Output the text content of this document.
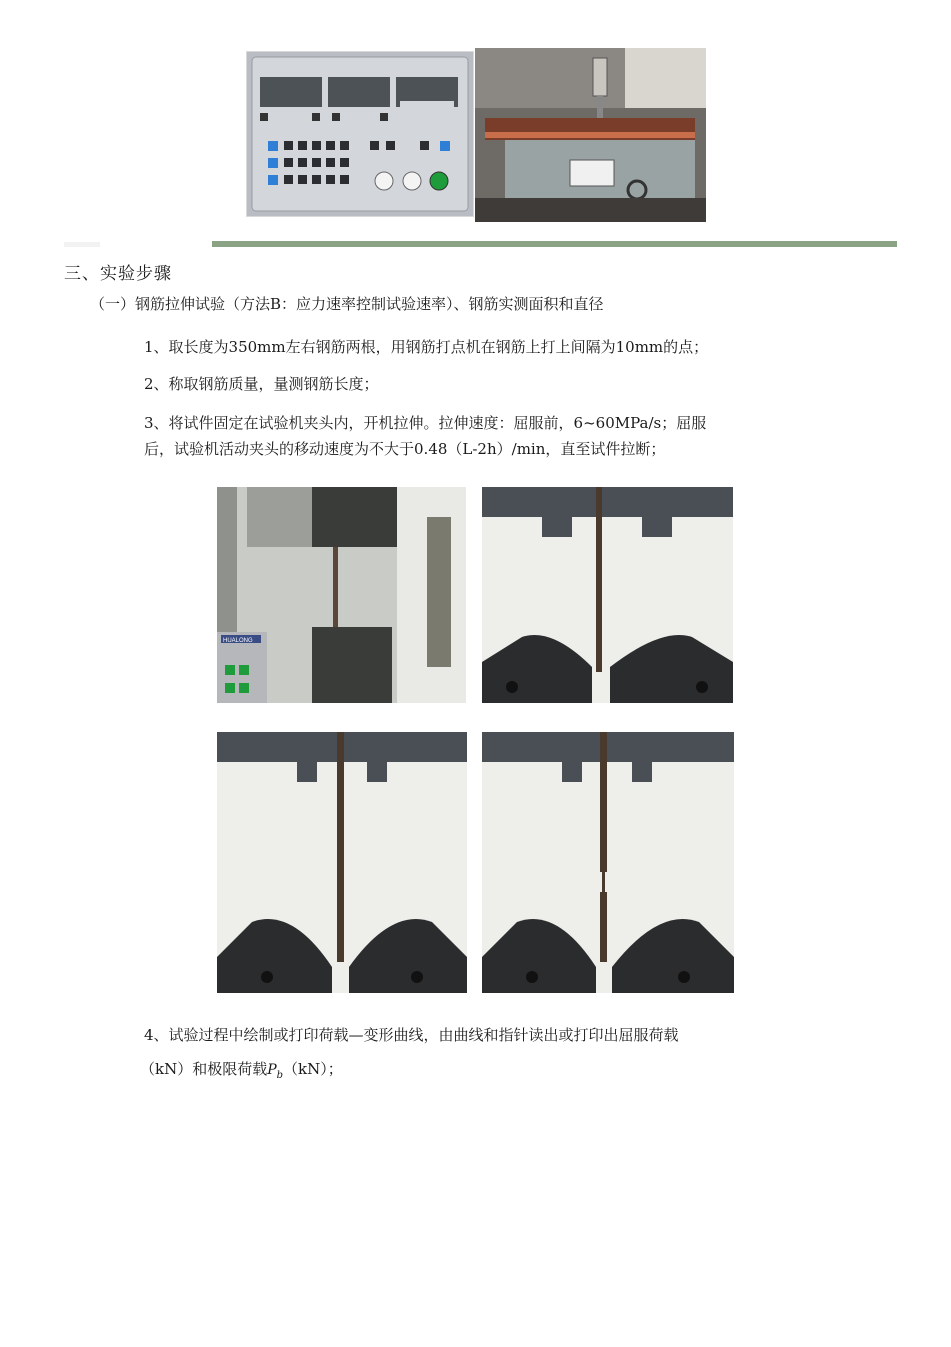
三、实验步骤
（一）钢筋拉伸试验（方法B：应力速率控制试验速率）、钢筋实测面积和直径
1、取长度为350mm左右钢筋两根，用钢筋打点机在钢筋上打上间隔为10mm的点；
2、称取钢筋质量，量测钢筋长度；
3、将试件固定在试验机夹头内，开机拉伸。拉伸速度：屈服前，6~60MPa/s；屈服
后，试验机活动夹头的移动速度为不大于0.48（L-2h）/min，直至试件拉断；
HUALONG
4、试验过程中绘制或打印荷载—变形曲线，由曲线和指针读出或打印出屈服荷载
（kN）和极限荷载$P_b(kN)$；
